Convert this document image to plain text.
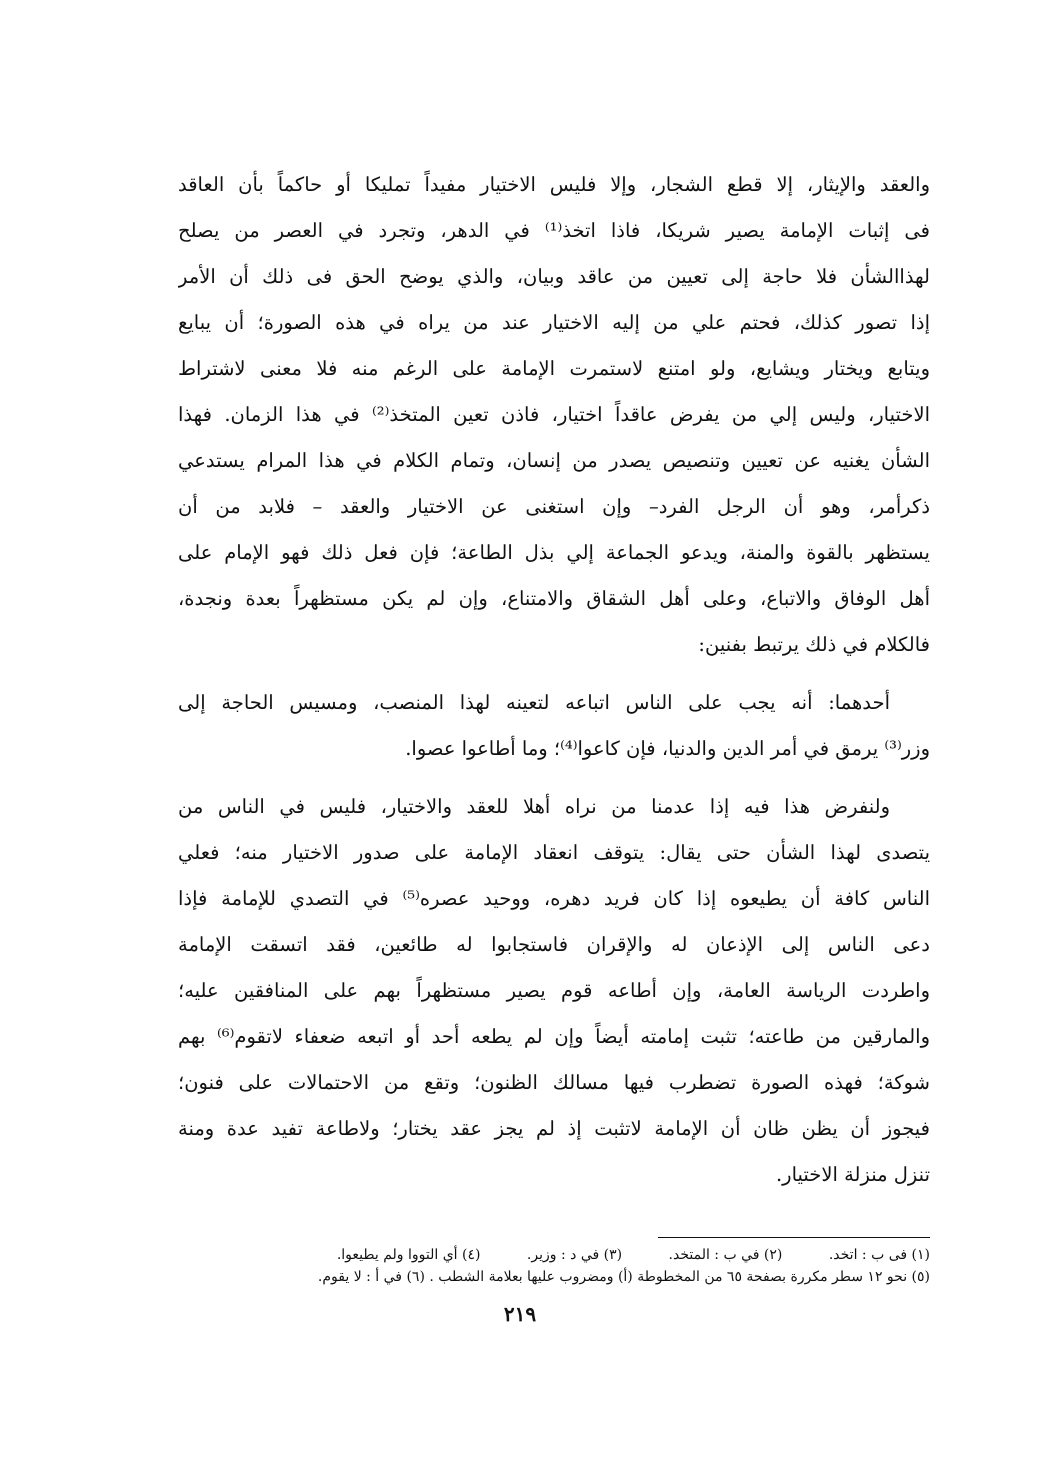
والعقد والإيثار، إلا قطع الشجار، وإلا فليس الاختيار مفيداً تمليكا أو حاكماً بأن العاقد
فى إثبات الإمامة يصير شريكا، فاذا اتخذ⁽¹⁾ في الدهر، وتجرد في العصر من يصلح
لهذاالشأن فلا حاجة إلى تعيين من عاقد وبيان، والذي يوضح الحق فى ذلك أن الأمر
إذا تصور كذلك، فحتم علي من إليه الاختيار عند من يراه في هذه الصورة؛ أن يبايع
ويتابع ويختار ويشايع، ولو امتنع لاستمرت الإمامة على الرغم منه فلا معنى لاشتراط
الاختيار، وليس إلي من يفرض عاقداً اختيار، فاذن تعين المتخذ⁽²⁾ في هذا الزمان. فهذا
الشأن يغنيه عن تعيين وتنصيص يصدر من إنسان، وتمام الكلام في هذا المرام يستدعي
ذكرأمر، وهو أن الرجل الفرد– وإن استغنى عن الاختيار والعقد – فلابد من أن
يستظهر بالقوة والمنة، ويدعو الجماعة إلي بذل الطاعة؛ فإن فعل ذلك فهو الإمام على
أهل الوفاق والاتباع، وعلى أهل الشقاق والامتناع، وإن لم يكن مستظهراً بعدة ونجدة،
فالكلام في ذلك يرتبط بفنين:
أحدهما: أنه يجب على الناس اتباعه لتعينه لهذا المنصب، ومسيس الحاجة إلى
وزر⁽³⁾ يرمق في أمر الدين والدنيا، فإن كاعوا⁽⁴⁾؛ وما أطاعوا عصوا.
ولنفرض هذا فيه إذا عدمنا من نراه أهلا للعقد والاختيار، فليس في الناس من
يتصدى لهذا الشأن حتى يقال: يتوقف انعقاد الإمامة على صدور الاختيار منه؛ فعلي
الناس كافة أن يطيعوه إذا كان فريد دهره، ووحيد عصره⁽⁵⁾ في التصدي للإمامة فإذا
دعى الناس إلى الإذعان له والإقران فاستجابوا له طائعين، فقد اتسقت الإمامة
واطردت الرياسة العامة، وإن أطاعه قوم يصير مستظهراً بهم على المنافقين عليه؛
والمارقين من طاعته؛ تثبت إمامته أيضاً وإن لم يطعه أحد أو اتبعه ضعفاء لاتقوم⁽⁶⁾ بهم
شوكة؛ فهذه الصورة تضطرب فيها مسالك الظنون؛ وتقع من الاحتمالات على فنون؛
فيجوز أن يظن ظان أن الإمامة لاتثبت إذ لم يجز عقد يختار؛ ولاطاعة تفيد عدة ومنة
تنزل منزلة الاختيار.
(١) فى ب : اتخد. (٢) في ب : المتخد. (٣) في د : وزير. (٤) أي التووا ولم يطيعوا.
(٥) نحو ١٢ سطر مكررة بصفحة ٦٥ من المخطوطة (أ) ومضروب عليها بعلامة الشطب . (٦) في أ : لا يقوم.
٢١٩
